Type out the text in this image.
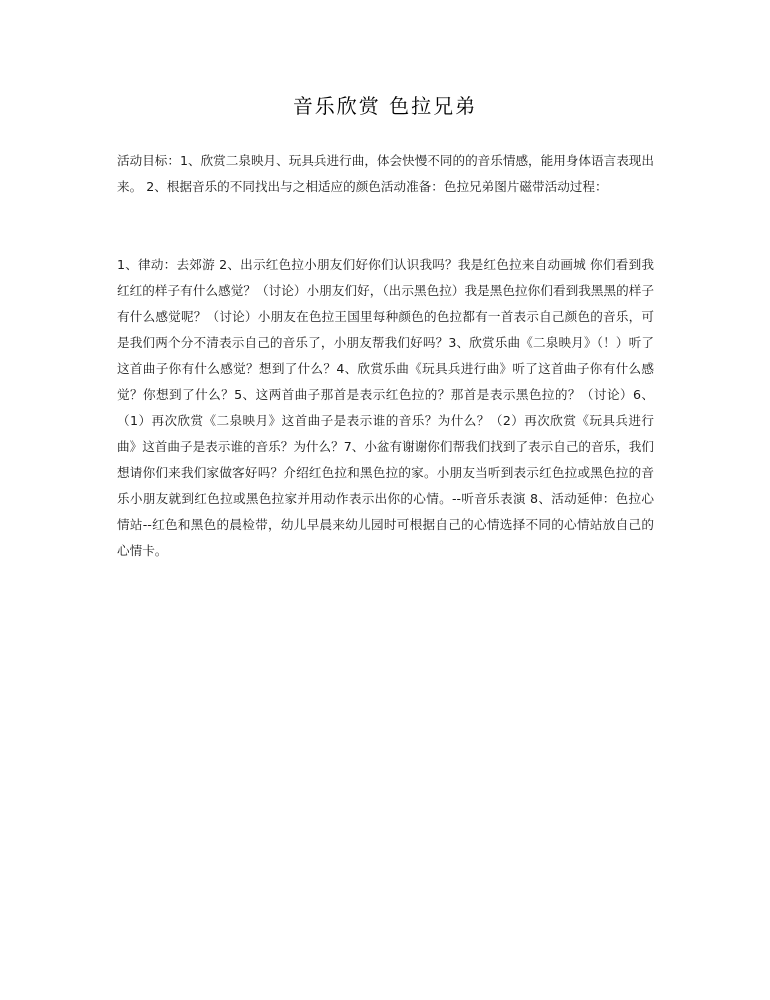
音乐欣赏 色拉兄弟

活动目标：1、欣赏二泉映月、玩具兵进行曲，体会快慢不同的的音乐情感，能用身体语言表现出来。 2、根据音乐的不同找出与之相适应的颜色活动准备：色拉兄弟图片磁带活动过程：

1、律动：去郊游 2、出示红色拉小朋友们好你们认识我吗？我是红色拉来自动画城 你们看到我红红的样子有什么感觉？（讨论）小朋友们好，（出示黑色拉）我是黑色拉你们看到我黑黑的样子有什么感觉呢？（讨论）小朋友在色拉王国里每种颜色的色拉都有一首表示自己颜色的音乐，可是我们两个分不清表示自己的音乐了，小朋友帮我们好吗？3、欣赏乐曲《二泉映月》（！）听了这首曲子你有什么感觉？想到了什么？4、欣赏乐曲《玩具兵进行曲》听了这首曲子你有什么感觉？你想到了什么？5、这两首曲子那首是表示红色拉的？那首是表示黑色拉的？（讨论）6、（1）再次欣赏《二泉映月》这首曲子是表示谁的音乐？为什么？（2）再次欣赏《玩具兵进行曲》这首曲子是表示谁的音乐？为什么？7、小盆有谢谢你们帮我们找到了表示自己的音乐，我们想请你们来我们家做客好吗？介绍红色拉和黑色拉的家。小朋友当听到表示红色拉或黑色拉的音乐小朋友就到红色拉或黑色拉家并用动作表示出你的心情。--听音乐表演 8、活动延伸：色拉心情站--红色和黑色的晨检带，幼儿早晨来幼儿园时可根据自己的心情选择不同的心情站放自己的心情卡。
